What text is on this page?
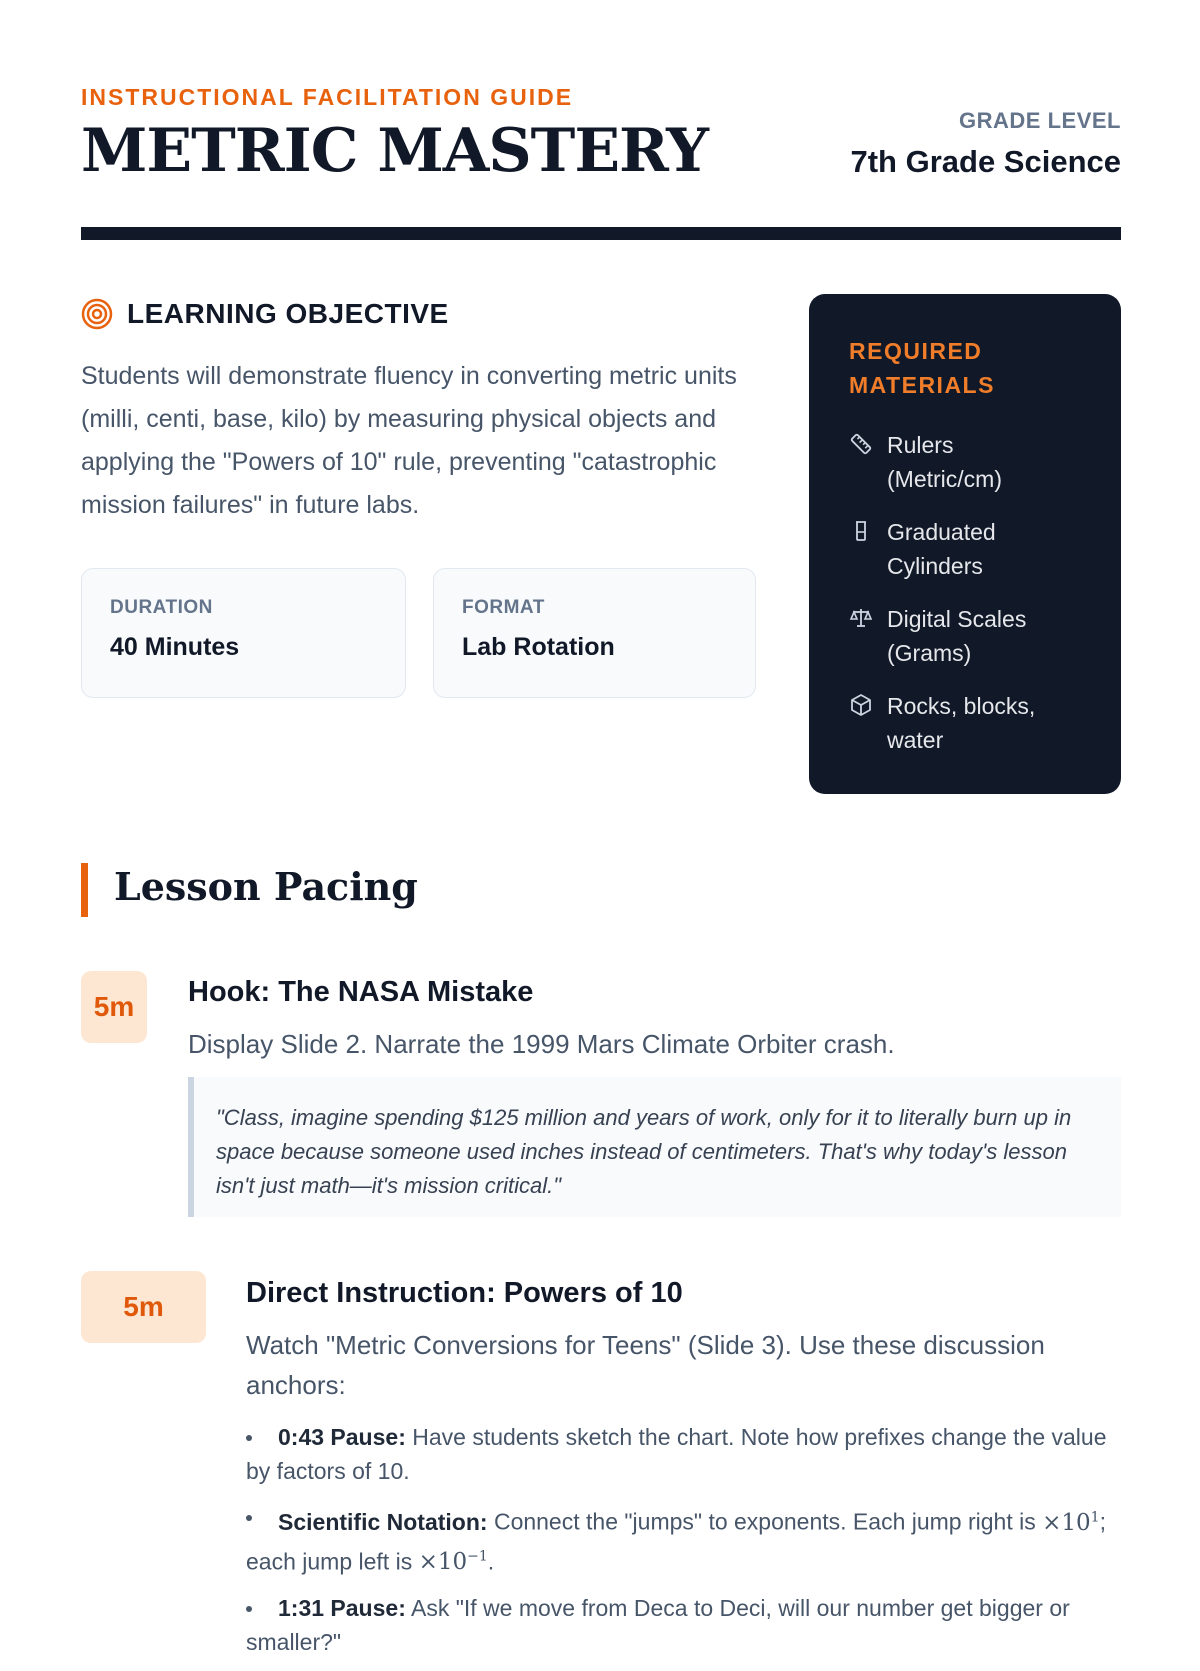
INSTRUCTIONAL FACILITATION GUIDE
METRIC MASTERY	GRADE LEVEL
7th Grade Science
LEARNING OBJECTIVE

Students will demonstrate fluency in converting metric units (milli, centi, base, kilo) by measuring physical objects and applying the "Powers of 10" rule, preventing "catastrophic mission failures" in future labs.

DURATION
40 Minutes
FORMAT
Lab Rotation
REQUIRED MATERIALS
Rulers (Metric/cm)
Graduated Cylinders
Digital Scales (Grams)
Rocks, blocks, water
Lesson Pacing
5m	Hook: The NASA Mistake
Display Slide 2. Narrate the 1999 Mars Climate Orbiter crash.
"Class, imagine spending $125 million and years of work, only for it to literally burn up in space because someone used inches instead of centimeters. That's why today's lesson isn't just math—it's mission critical."
5m	Direct Instruction: Powers of 10
Watch "Metric Conversions for Teens" (Slide 3). Use these discussion anchors:
0:43 Pause: Have students sketch the chart. Note how prefixes change the value by factors of 10.
Scientific Notation: Connect the "jumps" to exponents. Each jump right is $\times 10^1$; each jump left is $\times 10^{-1}$.
1:31 Pause: Ask "If we move from Deca to Deci, will our number get bigger or smaller?"
